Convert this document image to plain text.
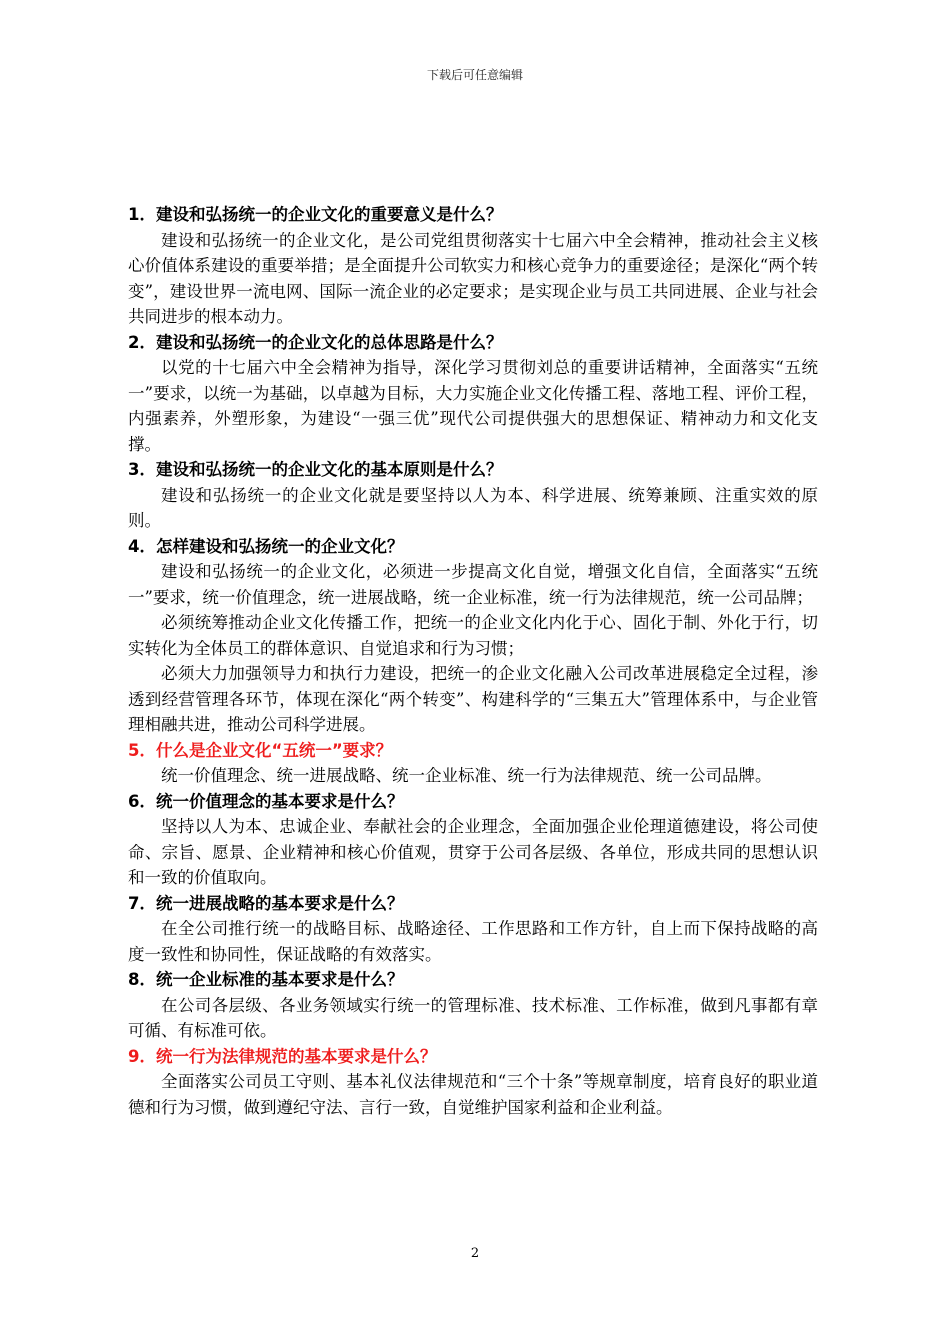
下载后可任意编辑
1．建设和弘扬统一的企业文化的重要意义是什么？

建设和弘扬统一的企业文化，是公司党组贯彻落实十七届六中全会精神，推动社会主义核心价值体系建设的重要举措；是全面提升公司软实力和核心竞争力的重要途径；是深化“两个转变”，建设世界一流电网、国际一流企业的必定要求；是实现企业与员工共同进展、企业与社会共同进步的根本动力。

2．建设和弘扬统一的企业文化的总体思路是什么？

以党的十七届六中全会精神为指导，深化学习贯彻刘总的重要讲话精神，全面落实“五统一”要求，以统一为基础，以卓越为目标，大力实施企业文化传播工程、落地工程、评价工程，内强素养，外塑形象，为建设“一强三优”现代公司提供强大的思想保证、精神动力和文化支撑。

3．建设和弘扬统一的企业文化的基本原则是什么？

建设和弘扬统一的企业文化就是要坚持以人为本、科学进展、统筹兼顾、注重实效的原则。

4．怎样建设和弘扬统一的企业文化？

建设和弘扬统一的企业文化，必须进一步提高文化自觉，增强文化自信，全面落实“五统一”要求，统一价值理念，统一进展战略，统一企业标准，统一行为法律规范，统一公司品牌；

必须统筹推动企业文化传播工作，把统一的企业文化内化于心、固化于制、外化于行，切实转化为全体员工的群体意识、自觉追求和行为习惯；

必须大力加强领导力和执行力建设，把统一的企业文化融入公司改革进展稳定全过程，渗透到经营管理各环节，体现在深化“两个转变”、构建科学的“三集五大”管理体系中，与企业管理相融共进，推动公司科学进展。

5．什么是企业文化“五统一”要求？

统一价值理念、统一进展战略、统一企业标准、统一行为法律规范、统一公司品牌。

6．统一价值理念的基本要求是什么？

坚持以人为本、忠诚企业、奉献社会的企业理念，全面加强企业伦理道德建设，将公司使命、宗旨、愿景、企业精神和核心价值观，贯穿于公司各层级、各单位，形成共同的思想认识和一致的价值取向。

7．统一进展战略的基本要求是什么？

在全公司推行统一的战略目标、战略途径、工作思路和工作方针，自上而下保持战略的高度一致性和协同性，保证战略的有效落实。

8．统一企业标准的基本要求是什么？

在公司各层级、各业务领域实行统一的管理标准、技术标准、工作标准，做到凡事都有章可循、有标准可依。

9．统一行为法律规范的基本要求是什么？

全面落实公司员工守则、基本礼仪法律规范和“三个十条”等规章制度，培育良好的职业道德和行为习惯，做到遵纪守法、言行一致，自觉维护国家利益和企业利益。

2
